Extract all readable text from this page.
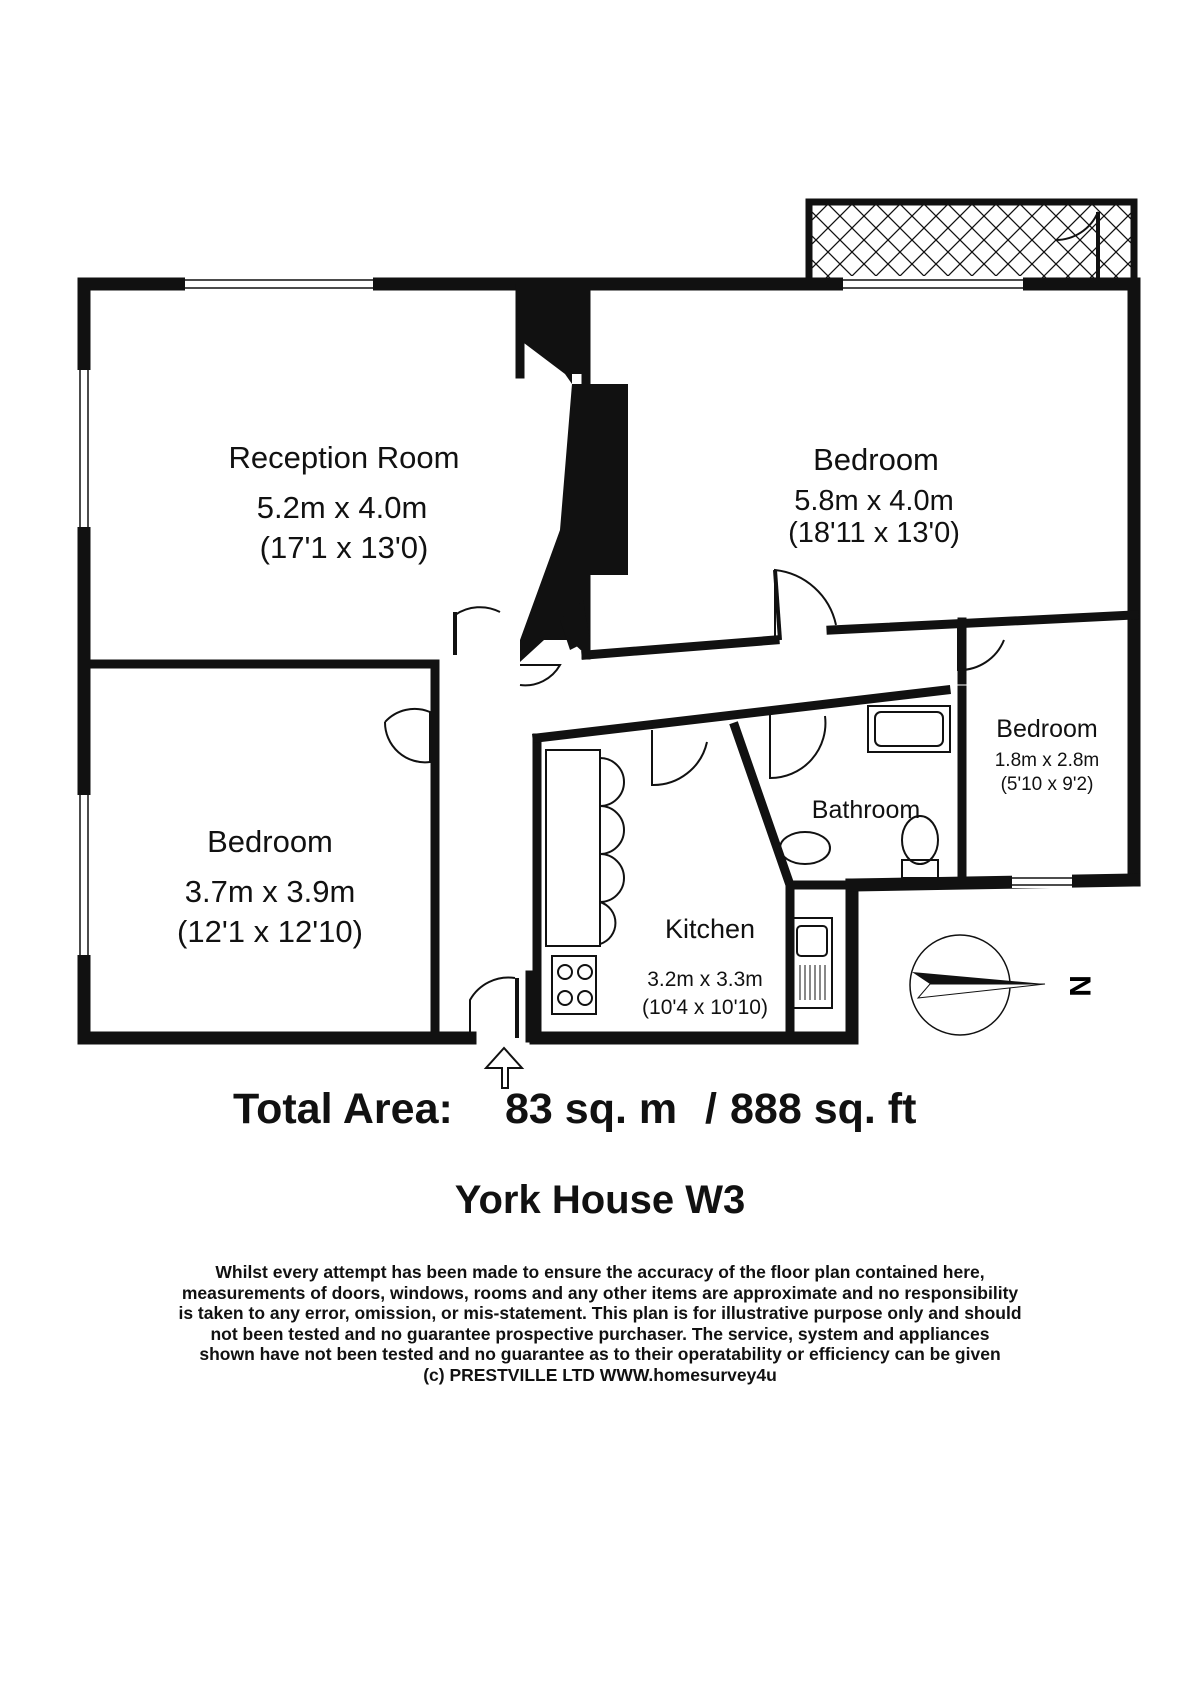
N
Reception Room
5.2m x 4.0m
(17'1 x 13'0)
Bedroom
5.8m x 4.0m
(18'11 x 13'0)
Bedroom
3.7m x 3.9m
(12'1 x 12'10)
Bedroom
1.8m x 2.8m
(5'10 x 9'2)
Bathroom
Kitchen
3.2m x 3.3m
(10'4 x 10'10)
Total Area: 83 sq. m / 888 sq. ft
York House W3
Whilst every attempt has been made to ensure the accuracy of the floor plan contained here,
measurements of doors, windows, rooms and any other items are approximate and no responsibility
is taken to any error, omission, or mis-statement. This plan is for illustrative purpose only and should
not been tested and no guarantee prospective purchaser. The service, system and appliances
shown have not been tested and no guarantee as to their operatability or efficiency can be given
(c) PRESTVILLE LTD WWW.homesurvey4u
